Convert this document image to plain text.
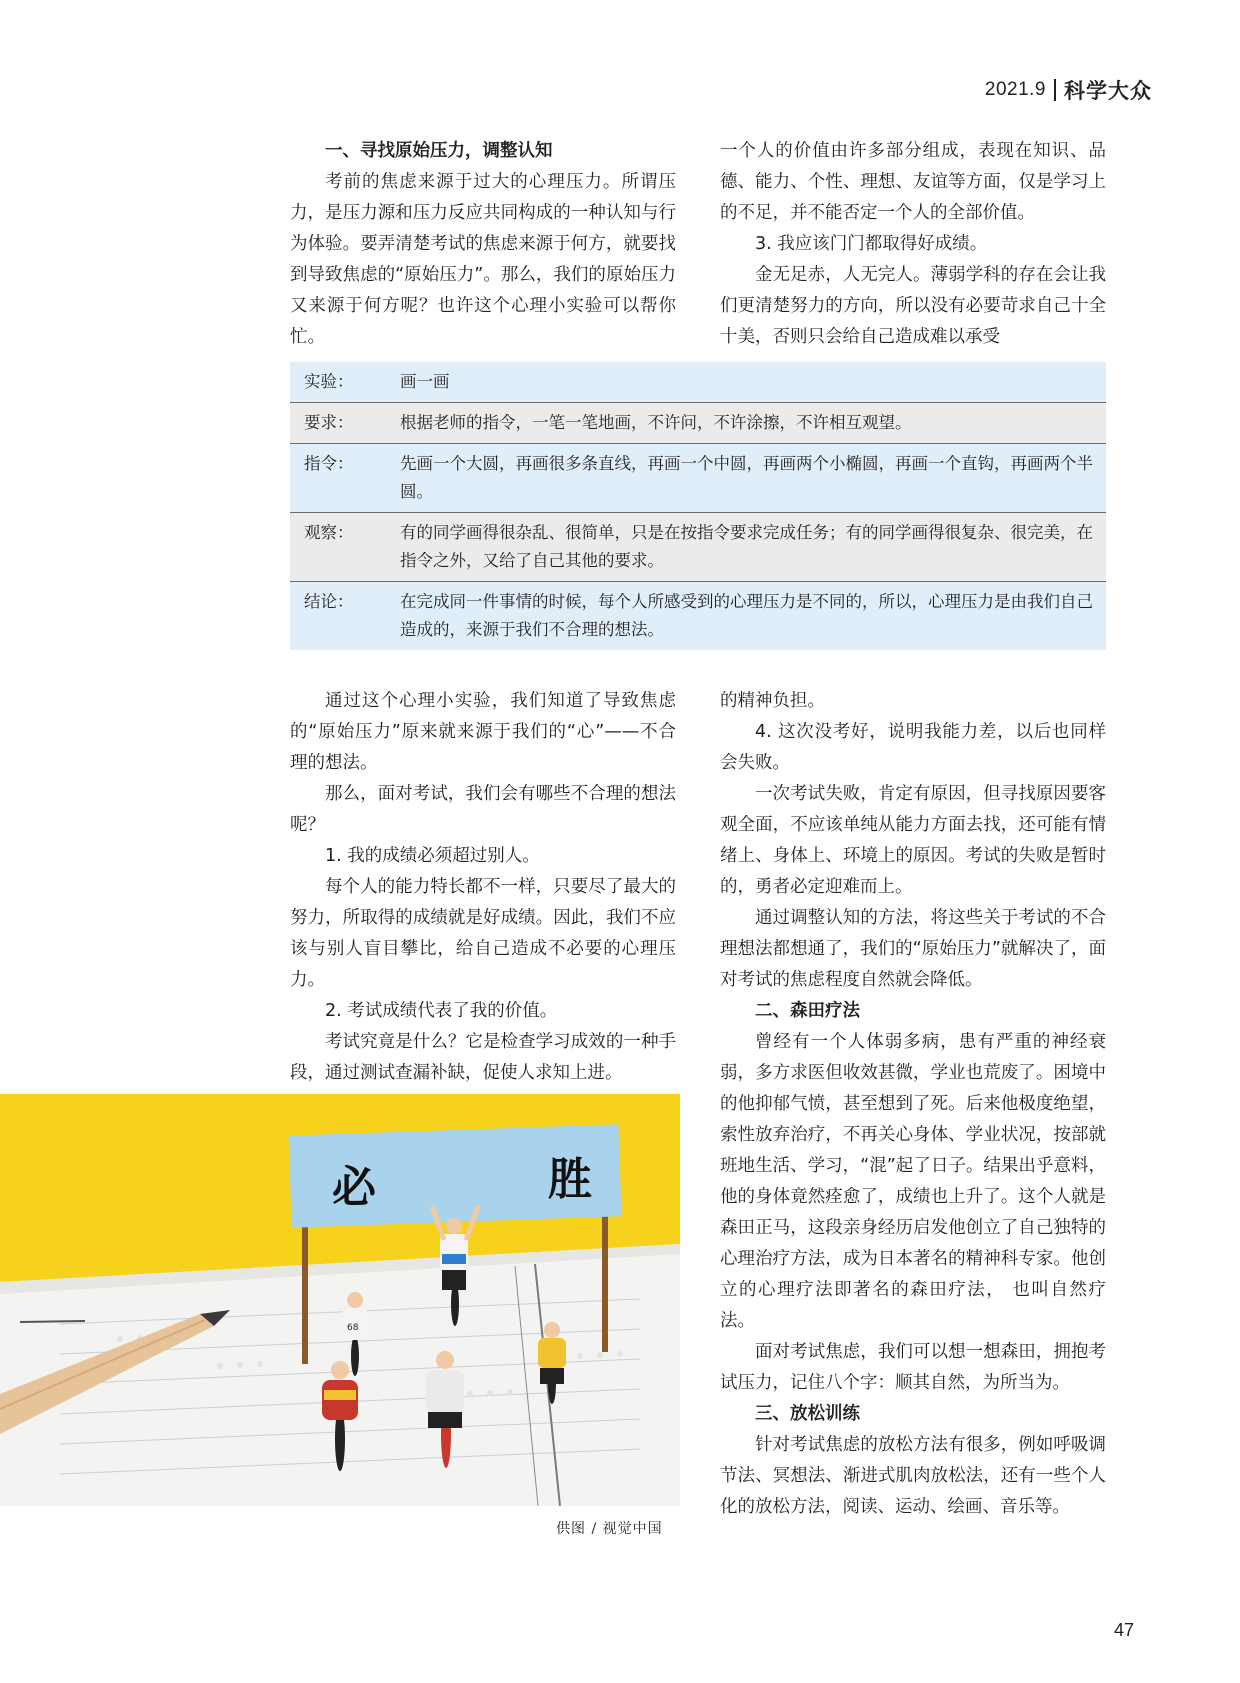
2021.9 科学大众
一、寻找原始压力，调整认知

考前的焦虑来源于过大的心理压力。所谓压力，是压力源和压力反应共同构成的一种认知与行为体验。要弄清楚考试的焦虑来源于何方，就要找到导致焦虑的“原始压力”。那么，我们的原始压力又来源于何方呢？也许这个心理小实验可以帮你忙。

一个人的价值由许多部分组成，表现在知识、品德、能力、个性、理想、友谊等方面，仅是学习上的不足，并不能否定一个人的全部价值。

3. 我应该门门都取得好成绩。

金无足赤，人无完人。薄弱学科的存在会让我们更清楚努力的方向，所以没有必要苛求自己十全十美，否则只会给自己造成难以承受

实验：	画一画
要求：	根据老师的指令，一笔一笔地画，不许问，不许涂擦，不许相互观望。
指令：	先画一个大圆，再画很多条直线，再画一个中圆，再画两个小椭圆，再画一个直钩，再画两个半圆。
观察：	有的同学画得很杂乱、很简单，只是在按指令要求完成任务；有的同学画得很复杂、很完美，在指令之外，又给了自己其他的要求。
结论：	在完成同一件事情的时候，每个人所感受到的心理压力是不同的，所以，心理压力是由我们自己造成的，来源于我们不合理的想法。

通过这个心理小实验，我们知道了导致焦虑的“原始压力”原来就来源于我们的“心”——不合理的想法。

那么，面对考试，我们会有哪些不合理的想法呢？

1. 我的成绩必须超过别人。

每个人的能力特长都不一样，只要尽了最大的努力，所取得的成绩就是好成绩。因此，我们不应该与别人盲目攀比，给自己造成不必要的心理压力。

2. 考试成绩代表了我的价值。

考试究竟是什么？它是检查学习成效的一种手段，通过测试查漏补缺，促使人求知上进。

的精神负担。

4. 这次没考好，说明我能力差，以后也同样会失败。

一次考试失败，肯定有原因，但寻找原因要客观全面，不应该单纯从能力方面去找，还可能有情绪上、身体上、环境上的原因。考试的失败是暂时的，勇者必定迎难而上。

通过调整认知的方法，将这些关于考试的不合理想法都想通了，我们的“原始压力”就解决了，面对考试的焦虑程度自然就会降低。

二、森田疗法

曾经有一个人体弱多病，患有严重的神经衰弱，多方求医但收效甚微，学业也荒废了。困境中的他抑郁气愤，甚至想到了死。后来他极度绝望，索性放弃治疗，不再关心身体、学业状况，按部就班地生活、学习，“混”起了日子。结果出乎意料，他的身体竟然痊愈了，成绩也上升了。这个人就是森田正马，这段亲身经历启发他创立了自己独特的心理治疗方法，成为日本著名的精神科专家。他创立的心理疗法即著名的森田疗法， 也叫自然疗法。

面对考试焦虑，我们可以想一想森田，拥抱考试压力，记住八个字：顺其自然，为所当为。

三、放松训练

针对考试焦虑的放松方法有很多，例如呼吸调节法、冥想法、渐进式肌肉放松法，还有一些个人化的放松方法，阅读、运动、绘画、音乐等。

必	胜
68
供图 / 视觉中国
47
